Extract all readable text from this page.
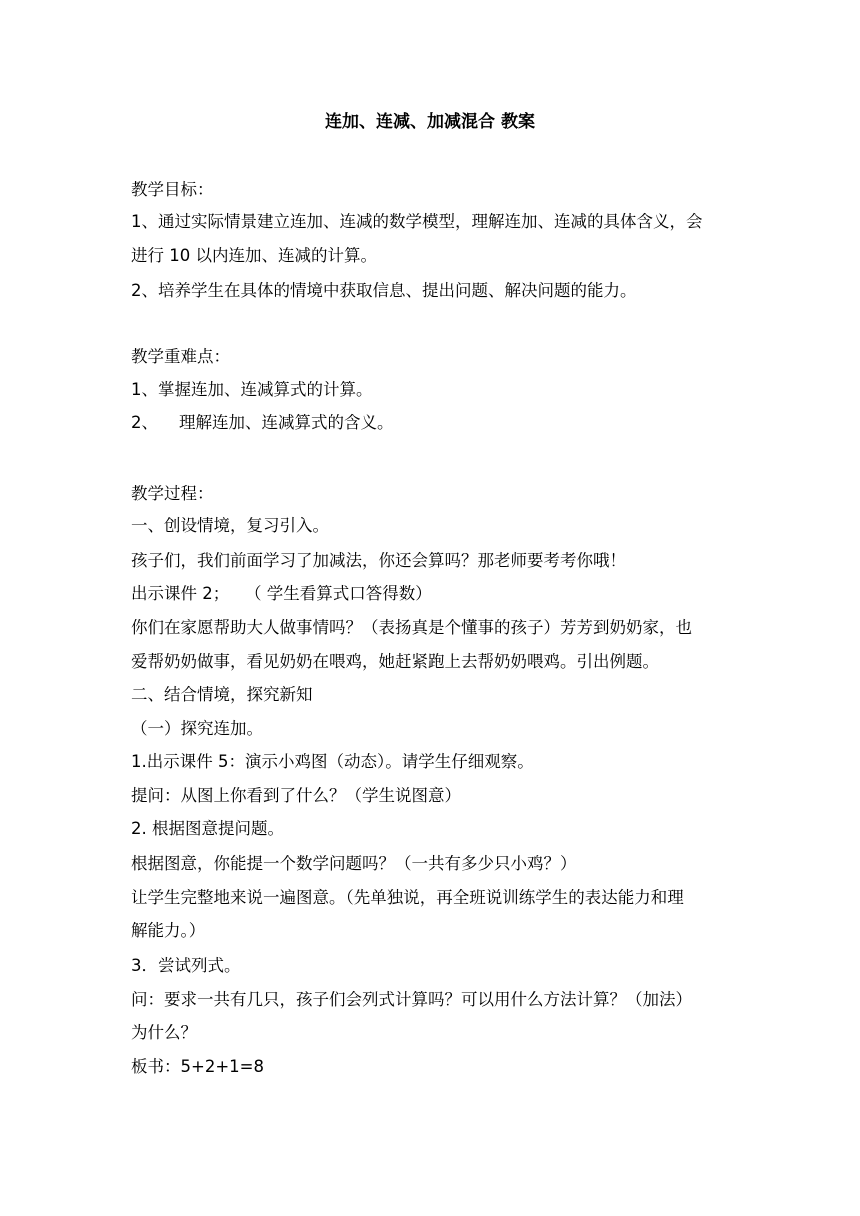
连加、连减、加减混合 教案
教学目标：
1、通过实际情景建立连加、连减的数学模型，理解连加、连减的具体含义，会
进行 10 以内连加、连减的计算。
2、培养学生在具体的情境中获取信息、提出问题、解决问题的能力。
教学重难点：
1、掌握连加、连减算式的计算。
2、    理解连加、连减算式的含义。
教学过程：
一、创设情境，复习引入。
孩子们，我们前面学习了加减法，你还会算吗？那老师要考考你哦！
出示课件 2；   （ 学生看算式口答得数）
你们在家愿帮助大人做事情吗？（表扬真是个懂事的孩子）芳芳到奶奶家，也
爱帮奶奶做事，看见奶奶在喂鸡，她赶紧跑上去帮奶奶喂鸡。引出例题。
二、结合情境，探究新知
（一）探究连加。
1.出示课件 5：演示小鸡图（动态）。请学生仔细观察。
提问：从图上你看到了什么？（学生说图意）
2. 根据图意提问题。
根据图意，你能提一个数学问题吗？（一共有多少只小鸡？）
让学生完整地来说一遍图意。（先单独说，再全班说训练学生的表达能力和理
解能力。）
3．尝试列式。
问：要求一共有几只，孩子们会列式计算吗？可以用什么方法计算？（加法）
为什么？
板书：5+2+1=8
